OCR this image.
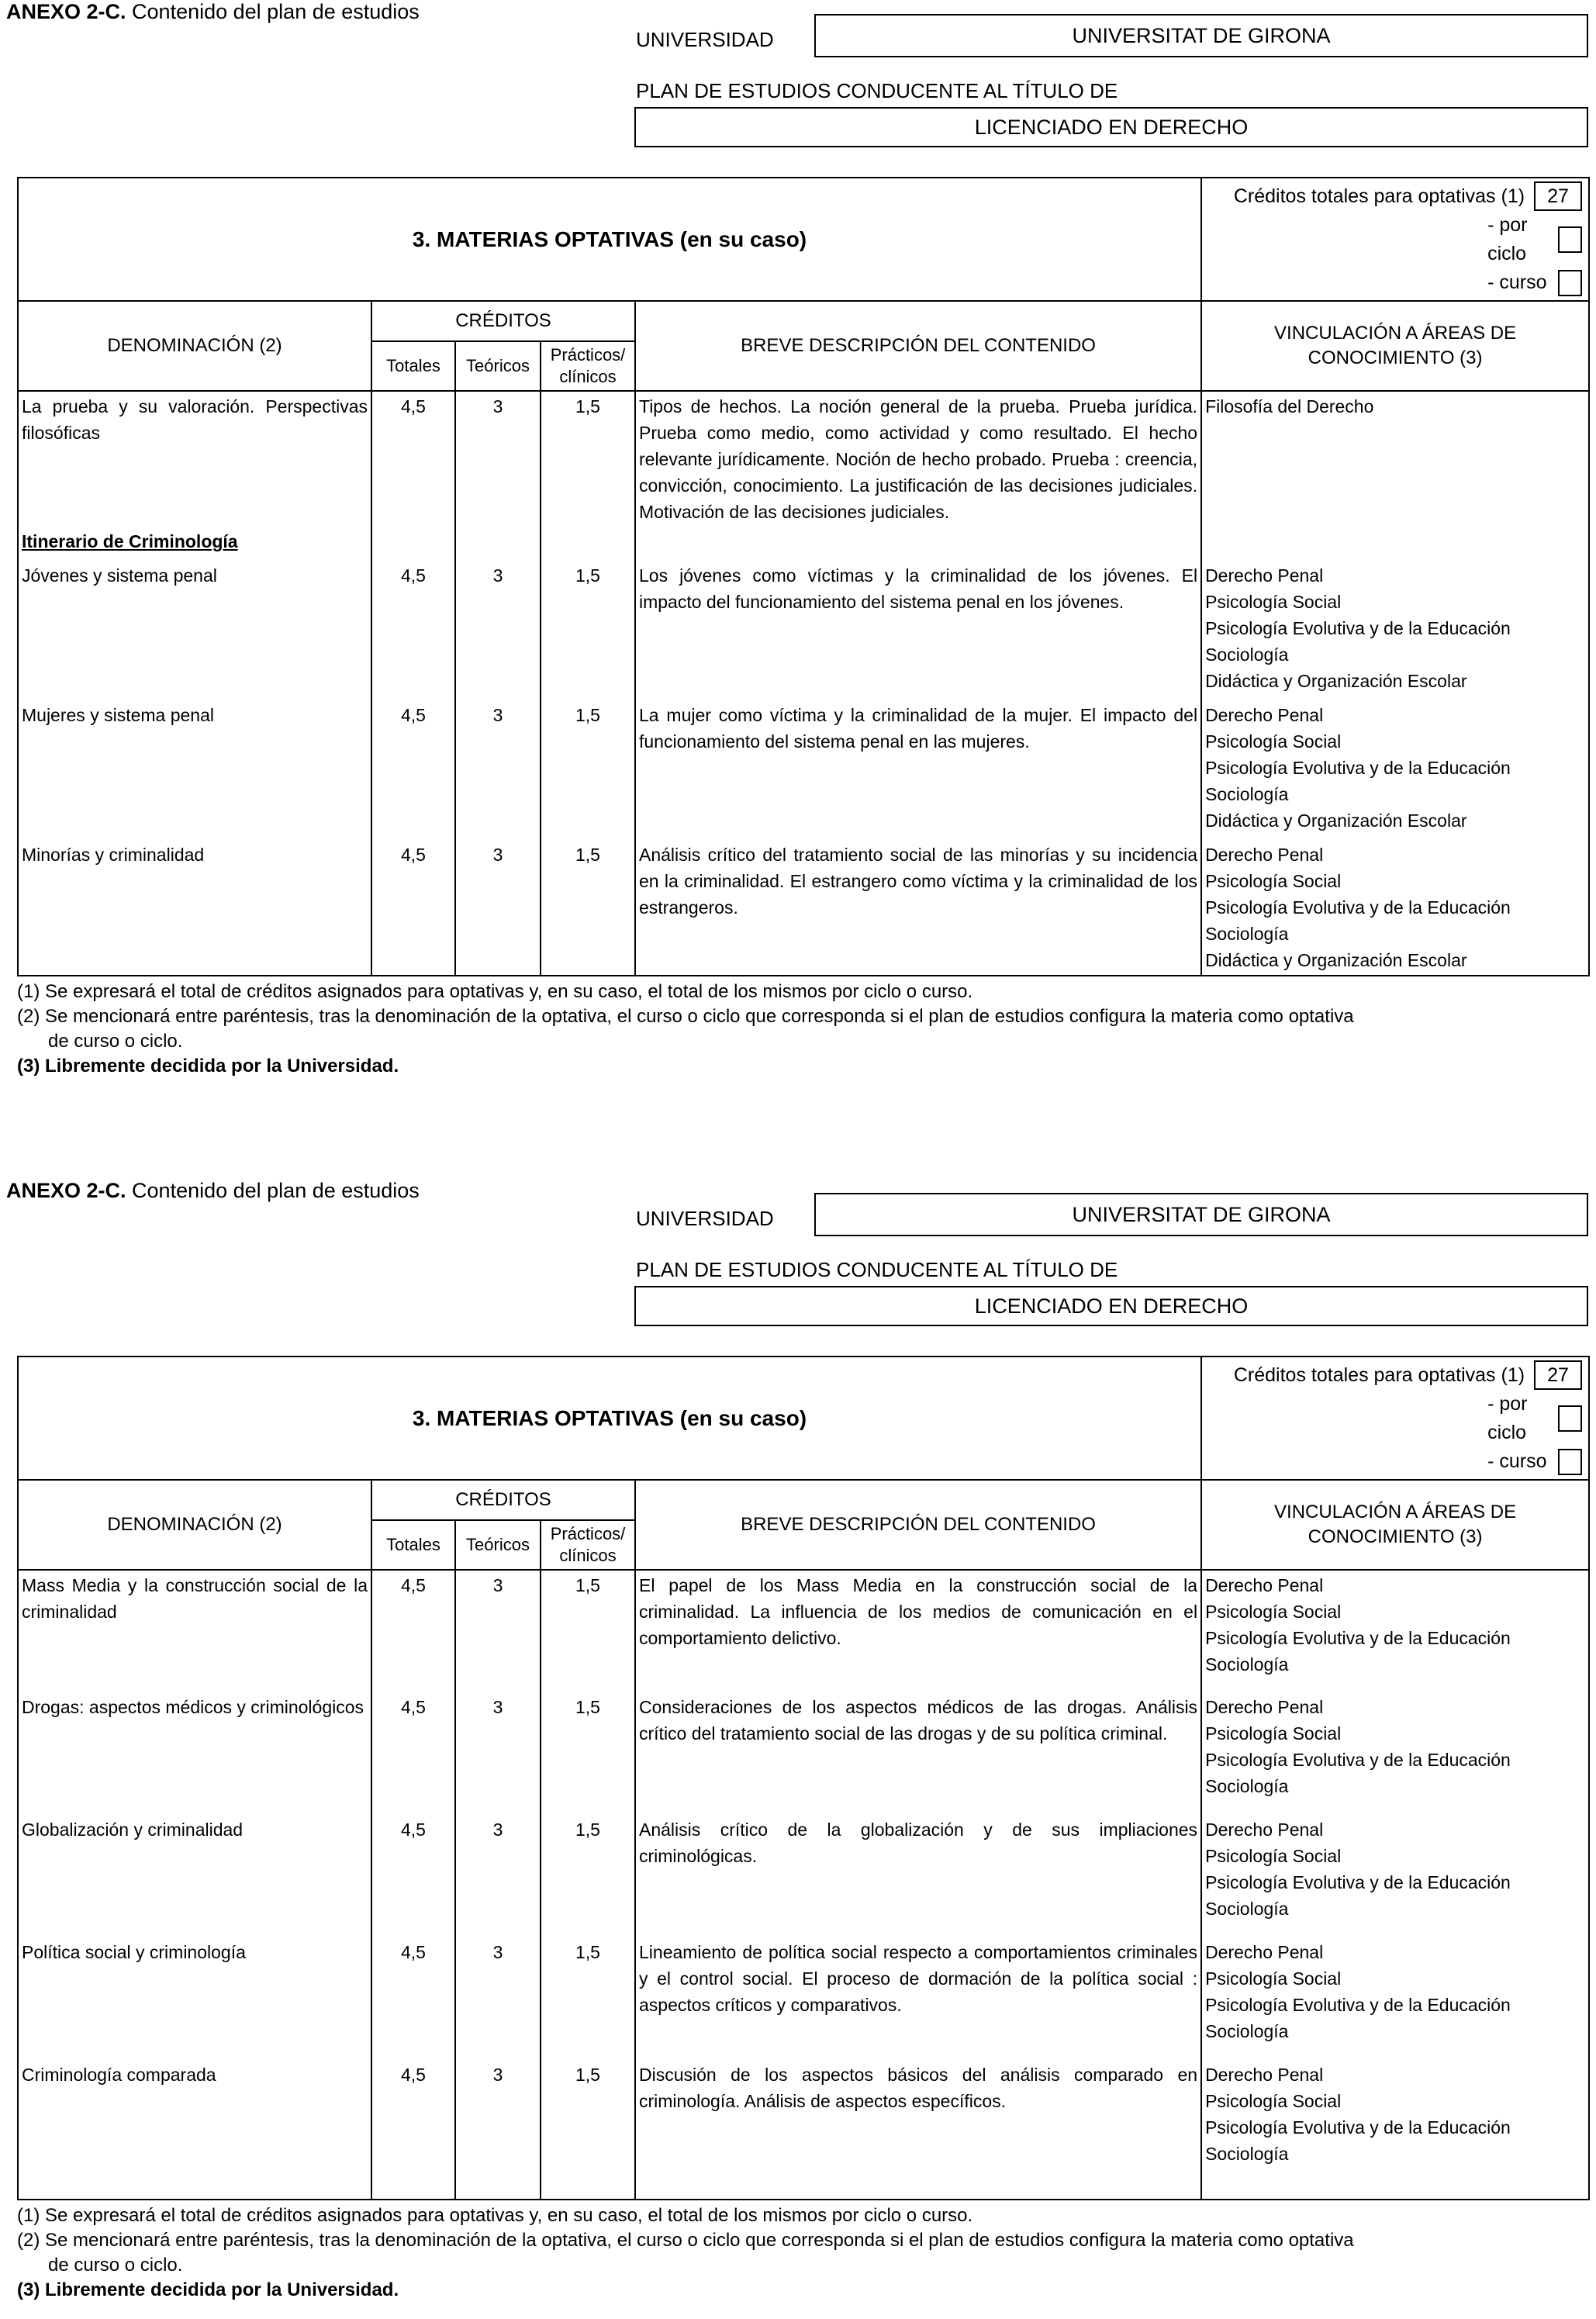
ANEXO 2-C. Contenido del plan de estudios
UNIVERSIDAD	UNIVERSITAT DE GIRONA
PLAN DE ESTUDIOS CONDUCENTE AL TÍTULO DE
LICENCIADO EN DERECHO
3. MATERIAS OPTATIVAS (en su caso)					Créditos totales para optativas (1) 27
- por ciclo
- curso

DENOMINACIÓN (2)	CRÉDITOS			BREVE DESCRIPCIÓN DEL CONTENIDO	VINCULACIÓN A ÁREAS DE CONOCIMIENTO (3)
	Totales	Teóricos	Prácticos/ clínicos		

La prueba y su valoración. Perspectivas filosóficas	4,5	3	1,5	Tipos de hechos. La noción general de la prueba. Prueba jurídica. Prueba como medio, como actividad y como resultado. El hecho relevante jurídicamente. Noción de hecho probado. Prueba : creencia, convicción, conocimiento. La justificación de las decisiones judiciales. Motivación de las decisiones judiciales.	Filosofía del Derecho

Itinerario de Criminología					

Jóvenes y sistema penal	4,5	3	1,5	Los jóvenes como víctimas y la criminalidad de los jóvenes. El impacto del funcionamiento del sistema penal en los jóvenes.	Derecho Penal
Psicología Social
Psicología Evolutiva y de la Educación
Sociología
Didáctica y Organización Escolar

Mujeres y sistema penal	4,5	3	1,5	La mujer como víctima y la criminalidad de la mujer. El impacto del funcionamiento del sistema penal en las mujeres.	Derecho Penal
Psicología Social
Psicología Evolutiva y de la Educación
Sociología
Didáctica y Organización Escolar

Minorías y criminalidad	4,5	3	1,5	Análisis crítico del tratamiento social de las minorías y su incidencia en la criminalidad. El estrangero como víctima y la criminalidad de los estrangeros.	Derecho Penal
Psicología Social
Psicología Evolutiva y de la Educación
Sociología
Didáctica y Organización Escolar
(1) Se expresará el total de créditos asignados para optativas y, en su caso, el total de los mismos por ciclo o curso.
(2) Se mencionará entre paréntesis, tras la denominación de la optativa, el curso o ciclo que corresponda si el plan de estudios configura la materia como optativa
de curso o ciclo.
(3) Libremente decidida por la Universidad.
ANEXO 2-C. Contenido del plan de estudios
UNIVERSIDAD	UNIVERSITAT DE GIRONA
PLAN DE ESTUDIOS CONDUCENTE AL TÍTULO DE
LICENCIADO EN DERECHO
3. MATERIAS OPTATIVAS (en su caso)					Créditos totales para optativas (1) 27
- por ciclo
- curso

DENOMINACIÓN (2)	CRÉDITOS			BREVE DESCRIPCIÓN DEL CONTENIDO	VINCULACIÓN A ÁREAS DE CONOCIMIENTO (3)
	Totales	Teóricos	Prácticos/ clínicos		

Mass Media y la construcción social de la criminalidad	4,5	3	1,5	El papel de los Mass Media en la construcción social de la criminalidad. La influencia de los medios de comunicación en el comportamiento delictivo.	Derecho Penal
Psicología Social
Psicología Evolutiva y de la Educación
Sociología

Drogas: aspectos médicos y criminológicos	4,5	3	1,5	Consideraciones de los aspectos médicos de las drogas. Análisis crítico del tratamiento social de las drogas y de su política criminal.	Derecho Penal
Psicología Social
Psicología Evolutiva y de la Educación
Sociología

Globalización y criminalidad	4,5	3	1,5	Análisis crítico de la globalización y de sus impliaciones criminológicas.	Derecho Penal
Psicología Social
Psicología Evolutiva y de la Educación
Sociología

Política social y criminología	4,5	3	1,5	Lineamiento de política social respecto a comportamientos criminales y el control social. El proceso de dormación de la política social : aspectos críticos y comparativos.	Derecho Penal
Psicología Social
Psicología Evolutiva y de la Educación
Sociología

Criminología comparada	4,5	3	1,5	Discusión de los aspectos básicos del análisis comparado en criminología. Análisis de aspectos específicos.	Derecho Penal
Psicología Social
Psicología Evolutiva y de la Educación
Sociología
(1) Se expresará el total de créditos asignados para optativas y, en su caso, el total de los mismos por ciclo o curso.
(2) Se mencionará entre paréntesis, tras la denominación de la optativa, el curso o ciclo que corresponda si el plan de estudios configura la materia como optativa
de curso o ciclo.
(3) Libremente decidida por la Universidad.
